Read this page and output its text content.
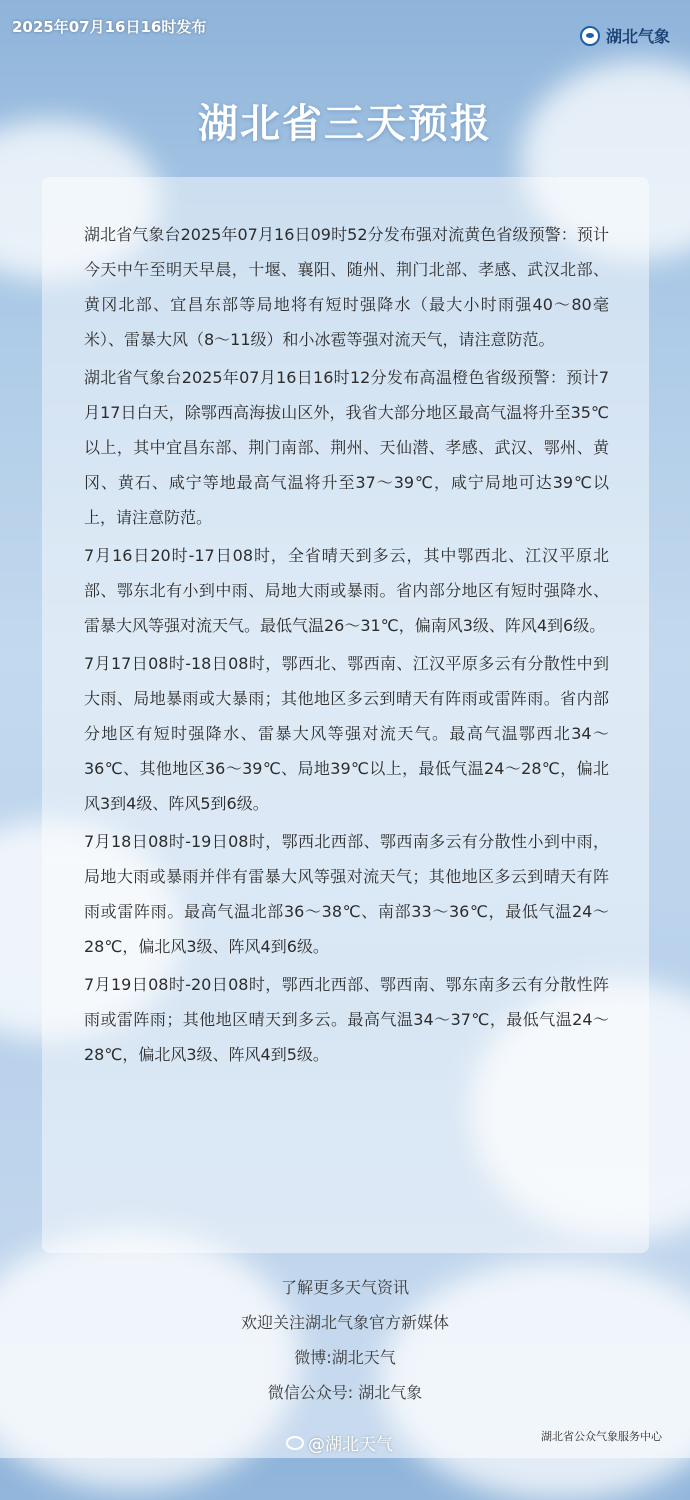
2025年07月16日16时发布	湖北气象
湖北省三天预报

湖北省气象台2025年07月16日09时52分发布强对流黄色省级预警：预计今天中午至明天早晨，十堰、襄阳、随州、荆门北部、孝感、武汉北部、黄冈北部、宜昌东部等局地将有短时强降水（最大小时雨强40～80毫米）、雷暴大风（8～11级）和小冰雹等强对流天气，请注意防范。

湖北省气象台2025年07月16日16时12分发布高温橙色省级预警：预计7月17日白天，除鄂西高海拔山区外，我省大部分地区最高气温将升至35℃以上，其中宜昌东部、荆门南部、荆州、天仙潜、孝感、武汉、鄂州、黄冈、黄石、咸宁等地最高气温将升至37～39℃，咸宁局地可达39℃以上，请注意防范。

7月16日20时-17日08时，全省晴天到多云，其中鄂西北、江汉平原北部、鄂东北有小到中雨、局地大雨或暴雨。省内部分地区有短时强降水、雷暴大风等强对流天气。最低气温26～31℃，偏南风3级、阵风4到6级。

7月17日08时-18日08时，鄂西北、鄂西南、江汉平原多云有分散性中到大雨、局地暴雨或大暴雨；其他地区多云到晴天有阵雨或雷阵雨。省内部分地区有短时强降水、雷暴大风等强对流天气。最高气温鄂西北34～36℃、其他地区36～39℃、局地39℃以上，最低气温24～28℃，偏北风3到4级、阵风5到6级。

7月18日08时-19日08时，鄂西北西部、鄂西南多云有分散性小到中雨，局地大雨或暴雨并伴有雷暴大风等强对流天气；其他地区多云到晴天有阵雨或雷阵雨。最高气温北部36～38℃、南部33～36℃，最低气温24～28℃，偏北风3级、阵风4到6级。

7月19日08时-20日08时，鄂西北西部、鄂西南、鄂东南多云有分散性阵雨或雷阵雨；其他地区晴天到多云。最高气温34～37℃，最低气温24～28℃，偏北风3级、阵风4到5级。

了解更多天气资讯
欢迎关注湖北气象官方新媒体
微博:湖北天气
微信公众号: 湖北气象
@湖北天气	湖北省公众气象服务中心
